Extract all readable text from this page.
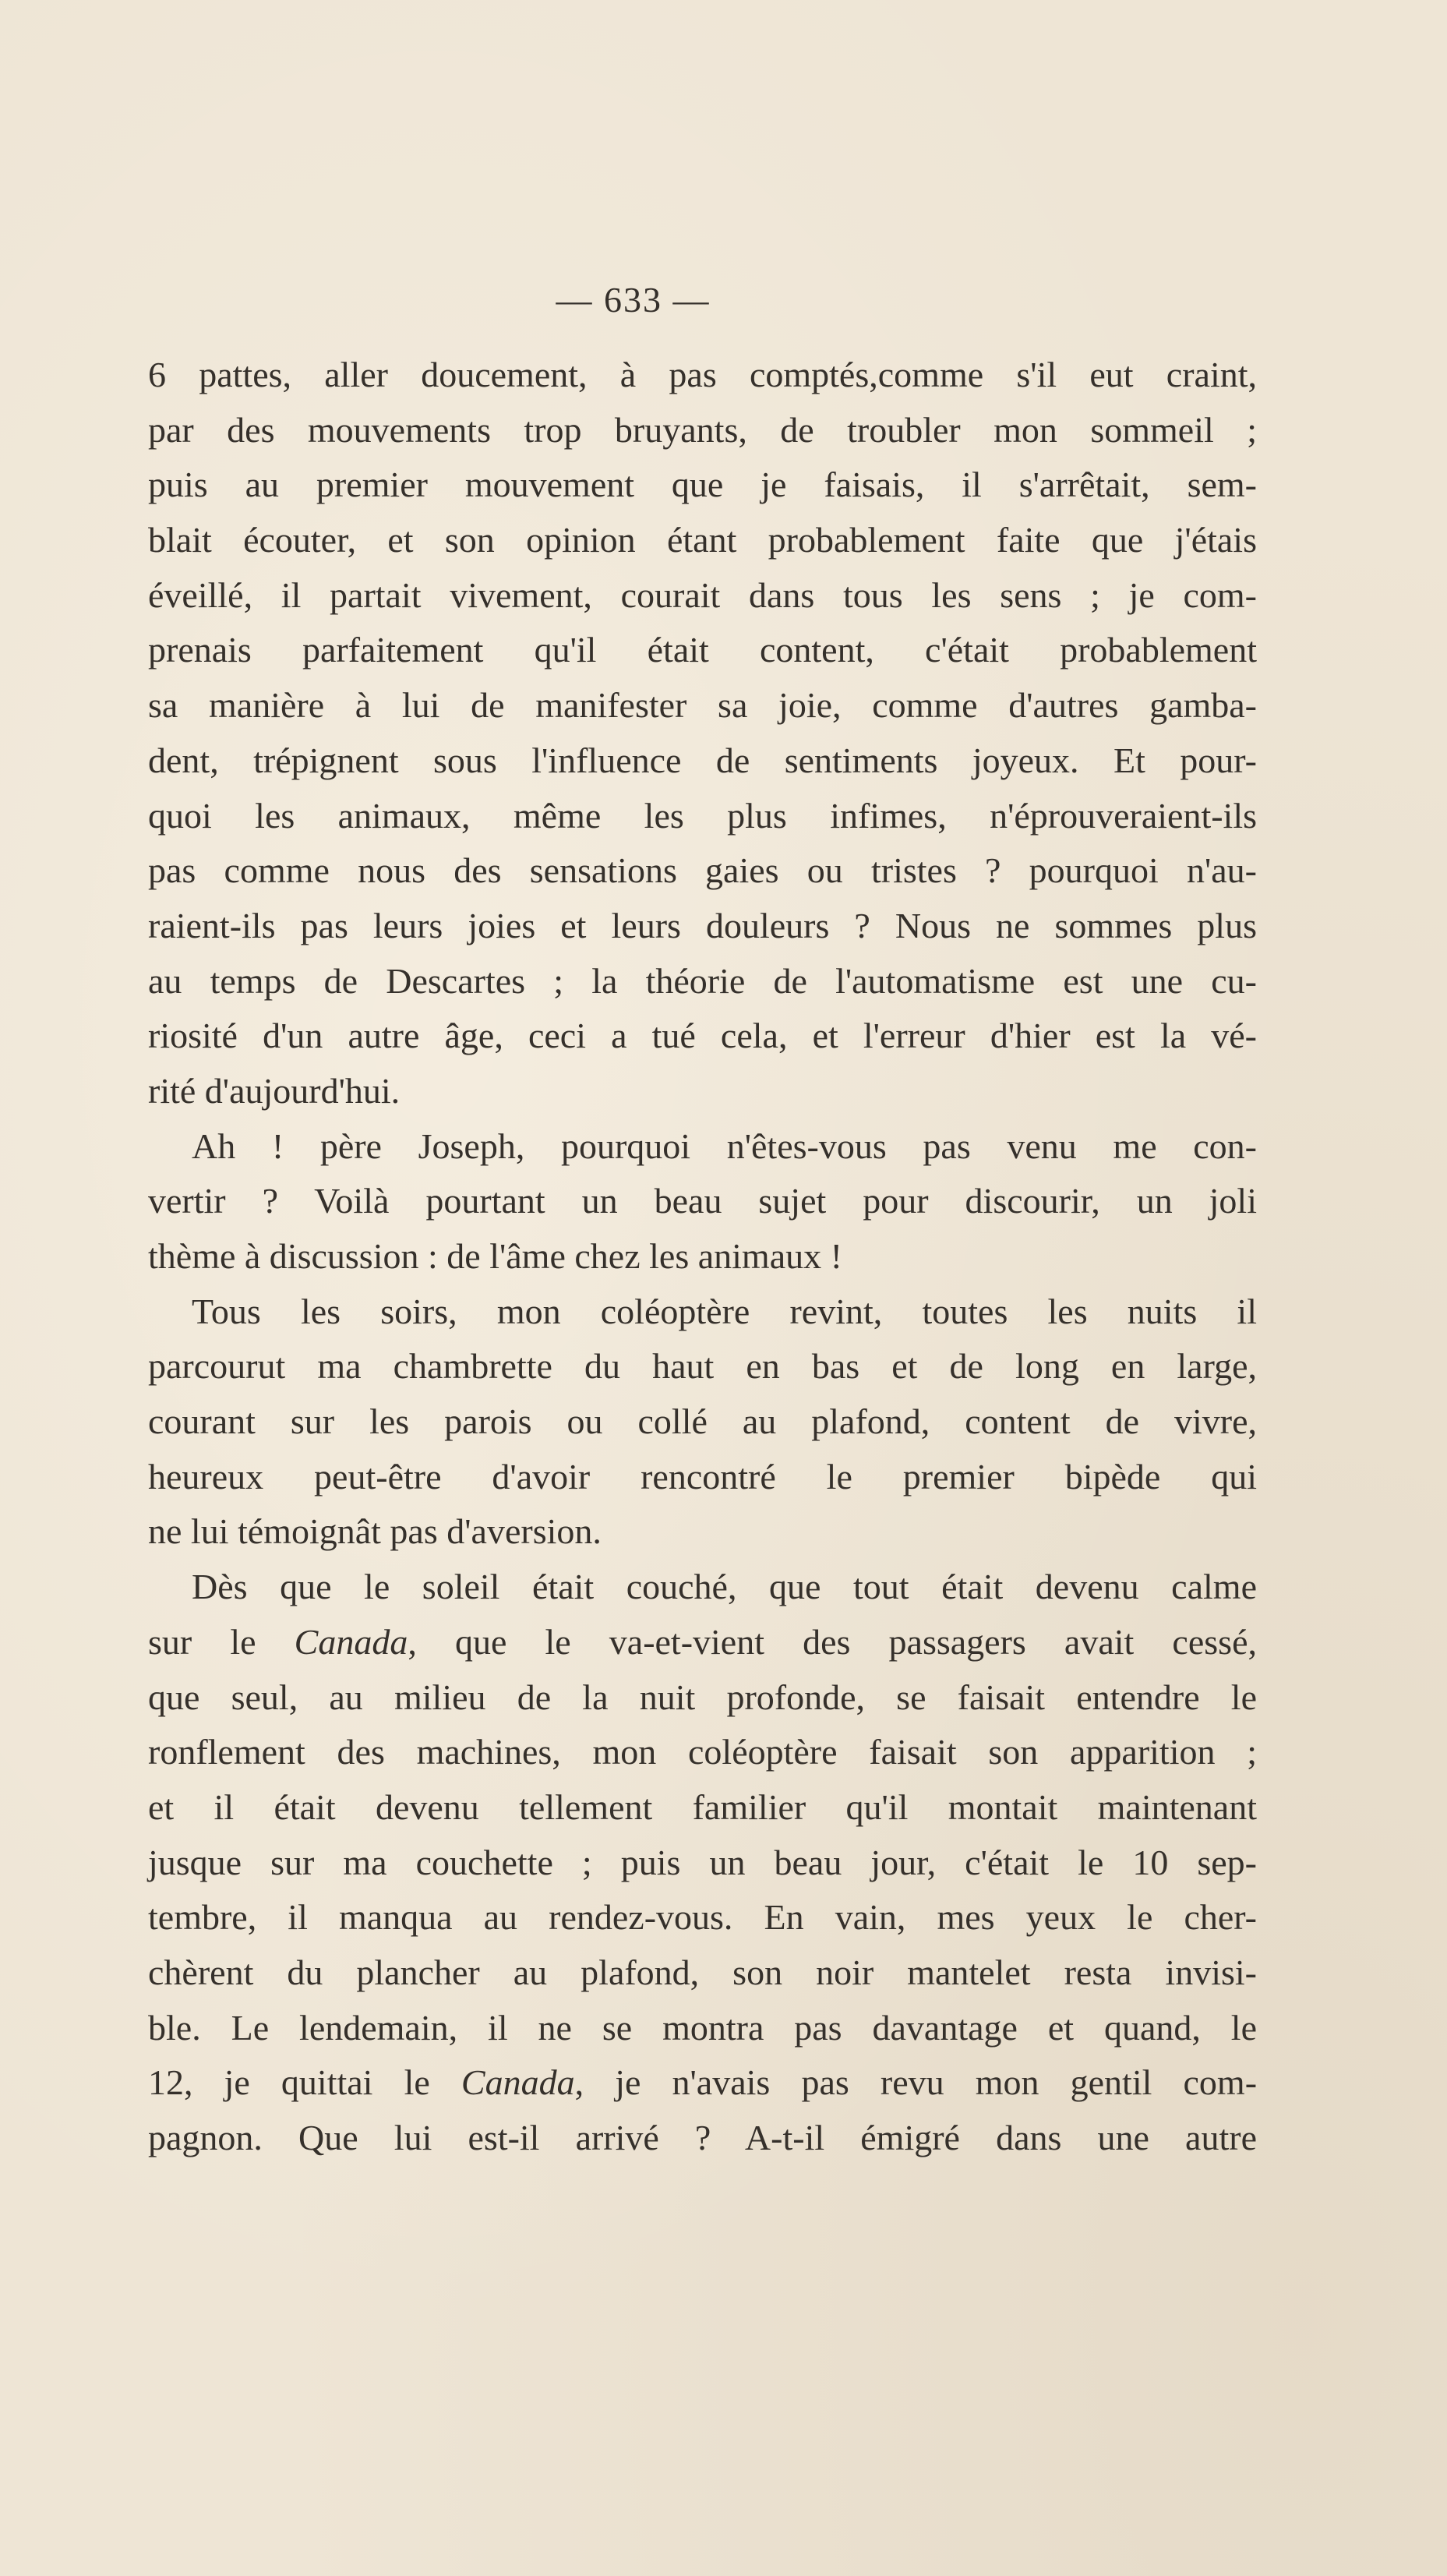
— 633 —
6 pattes, aller doucement, à pas comptés,comme s'il eut craint,
par des mouvements trop bruyants, de troubler mon sommeil ;
puis au premier mouvement que je faisais, il s'arrêtait, sem-
blait écouter, et son opinion étant probablement faite que j'étais
éveillé, il partait vivement, courait dans tous les sens ; je com-
prenais parfaitement qu'il était content, c'était probablement
sa manière à lui de manifester sa joie, comme d'autres gamba-
dent, trépignent sous l'influence de sentiments joyeux. Et pour-
quoi les animaux, même les plus infimes, n'éprouveraient-ils
pas comme nous des sensations gaies ou tristes ? pourquoi n'au-
raient-ils pas leurs joies et leurs douleurs ? Nous ne sommes plus
au temps de Descartes ; la théorie de l'automatisme est une cu-
riosité d'un autre âge, ceci a tué cela, et l'erreur d'hier est la vé-
rité d'aujourd'hui.
Ah ! père Joseph, pourquoi n'êtes-vous pas venu me con-
vertir ? Voilà pourtant un beau sujet pour discourir, un joli
thème à discussion : de l'âme chez les animaux !
Tous les soirs, mon coléoptère revint, toutes les nuits il
parcourut ma chambrette du haut en bas et de long en large,
courant sur les parois ou collé au plafond, content de vivre,
heureux peut-être d'avoir rencontré le premier bipède qui
ne lui témoignât pas d'aversion.
Dès que le soleil était couché, que tout était devenu calme
sur le Canada, que le va-et-vient des passagers avait cessé,
que seul, au milieu de la nuit profonde, se faisait entendre le
ronflement des machines, mon coléoptère faisait son apparition ;
et il était devenu tellement familier qu'il montait maintenant
jusque sur ma couchette ; puis un beau jour, c'était le 10 sep-
tembre, il manqua au rendez-vous. En vain, mes yeux le cher-
chèrent du plancher au plafond, son noir mantelet resta invisi-
ble. Le lendemain, il ne se montra pas davantage et quand, le
12, je quittai le Canada, je n'avais pas revu mon gentil com-
pagnon. Que lui est-il arrivé ? A-t-il émigré dans une autre
